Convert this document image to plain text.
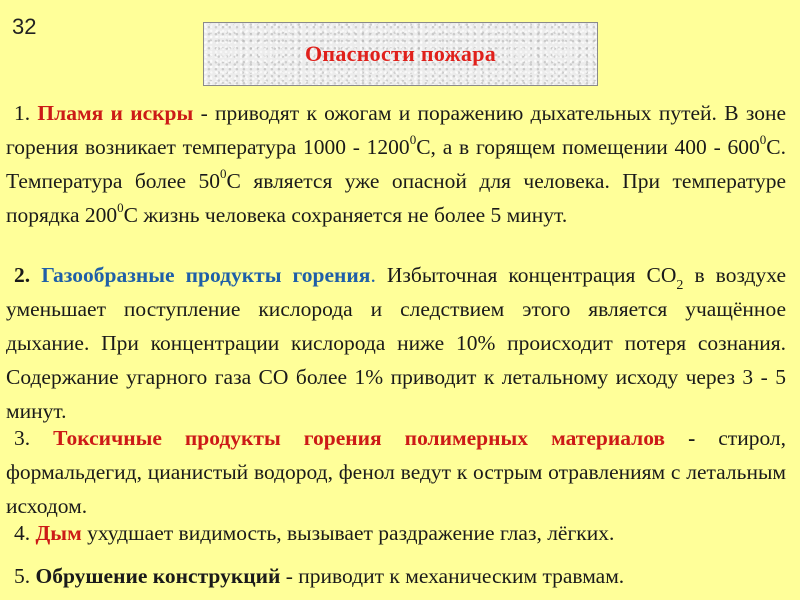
32
Опасности пожара

1. Пламя и искры - приводят к ожогам и поражению дыхательных путей. В зоне горения возникает температура 1000 - 1200$^0$С, а в горящем помещении $400 - 600^0С$. Температура более $50^0С$ является уже опасной для человека. При температуре порядка $200^0С$ жизнь человека сохраняется не более 5 минут.

2. Газообразные продукты горения. Избыточная концентрация $СО_2$ в воздухе уменьшает поступление кислорода и следствием этого является учащённое дыхание. При концентрации кислорода ниже 10% происходит потеря сознания. Содержание угарного газа СО более 1% приводит к летальному исходу через 3 - 5 минут.

3. Токсичные продукты горения полимерных материалов - стирол, формальдегид, цианистый водород, фенол ведут к острым отравлениям с летальным исходом.

4. Дым ухудшает видимость, вызывает раздражение глаз, лёгких.

5. Обрушение конструкций - приводит к механическим травмам.
